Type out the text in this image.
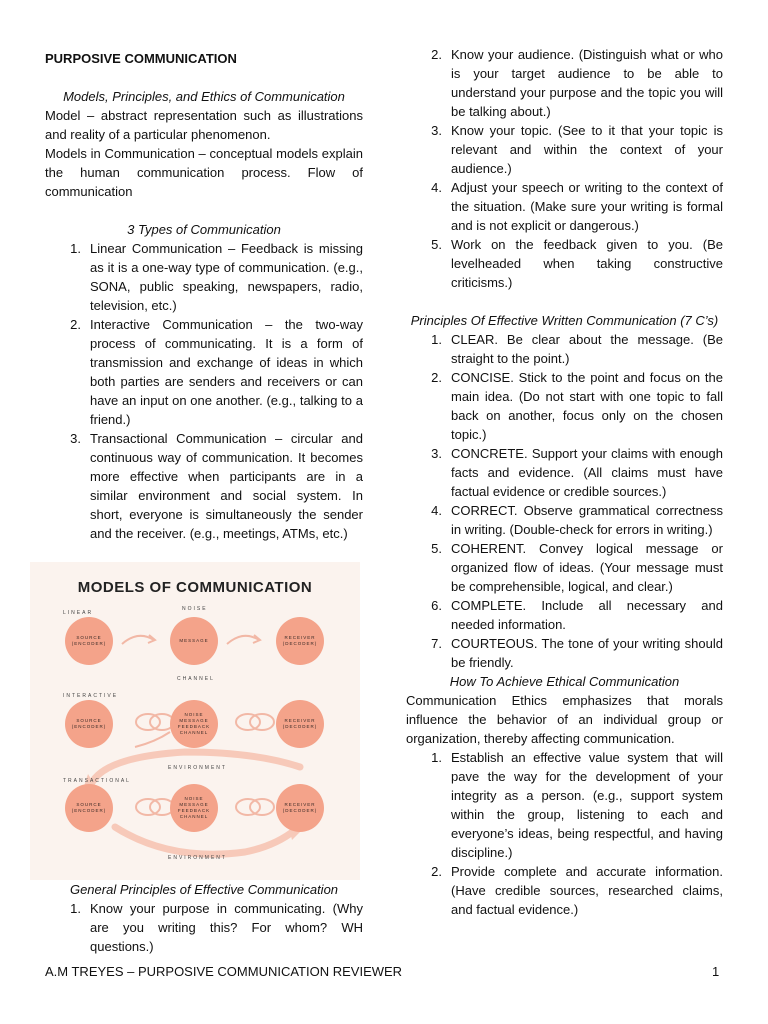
PURPOSIVE COMMUNICATION
Models, Principles, and Ethics of Communication
Model – abstract representation such as illustrations and reality of a particular phenomenon.
Models in Communication – conceptual models explain the human communication process. Flow of communication
3 Types of Communication
1. Linear Communication – Feedback is missing as it is a one-way type of communication. (e.g., SONA, public speaking, newspapers, radio, television, etc.)
2. Interactive Communication – the two-way process of communicating. It is a form of transmission and exchange of ideas in which both parties are senders and receivers or can have an input on one another. (e.g., talking to a friend.)
3. Transactional Communication – circular and continuous way of communication. It becomes more effective when participants are in a similar environment and social system. In short, everyone is simultaneously the sender and the receiver. (e.g., meetings, ATMs, etc.)
MODELS OF COMMUNICATION
LINEAR
NOISE
SOURCE (ENCODER)
MESSAGE
RECEIVER (DECODER)
CHANNEL
INTERACTIVE
SOURCE (ENCODER)
NOISE MESSAGE FEEDBACK CHANNEL
RECEIVER (DECODER)
ENVIRONMENT
TRANSACTIONAL
SOURCE (ENCODER)
NOISE MESSAGE FEEDBACK CHANNEL
RECEIVER (DECODER)
ENVIRONMENT
General Principles of Effective Communication
1. Know your purpose in communicating. (Why are you writing this? For whom? WH questions.)
2. Know your audience. (Distinguish what or who is your target audience to be able to understand your purpose and the topic you will be talking about.)
3. Know your topic. (See to it that your topic is relevant and within the context of your audience.)
4. Adjust your speech or writing to the context of the situation. (Make sure your writing is formal and is not explicit or dangerous.)
5. Work on the feedback given to you. (Be levelheaded when taking constructive criticisms.)
Principles Of Effective Written Communication (7 C’s)
1. CLEAR. Be clear about the message. (Be straight to the point.)
2. CONCISE. Stick to the point and focus on the main idea. (Do not start with one topic to fall back on another, focus only on the chosen topic.)
3. CONCRETE. Support your claims with enough facts and evidence. (All claims must have factual evidence or credible sources.)
4. CORRECT. Observe grammatical correctness in writing. (Double-check for errors in writing.)
5. COHERENT. Convey logical message or organized flow of ideas. (Your message must be comprehensible, logical, and clear.)
6. COMPLETE. Include all necessary and needed information.
7. COURTEOUS. The tone of your writing should be friendly.
How To Achieve Ethical Communication
Communication Ethics emphasizes that morals influence the behavior of an individual group or organization, thereby affecting communication.
1. Establish an effective value system that will pave the way for the development of your integrity as a person. (e.g., support system within the group, listening to each and everyone’s ideas, being respectful, and having discipline.)
2. Provide complete and accurate information. (Have credible sources, researched claims, and factual evidence.)
A.M TREYES – PURPOSIVE COMMUNICATION REVIEWER	1
